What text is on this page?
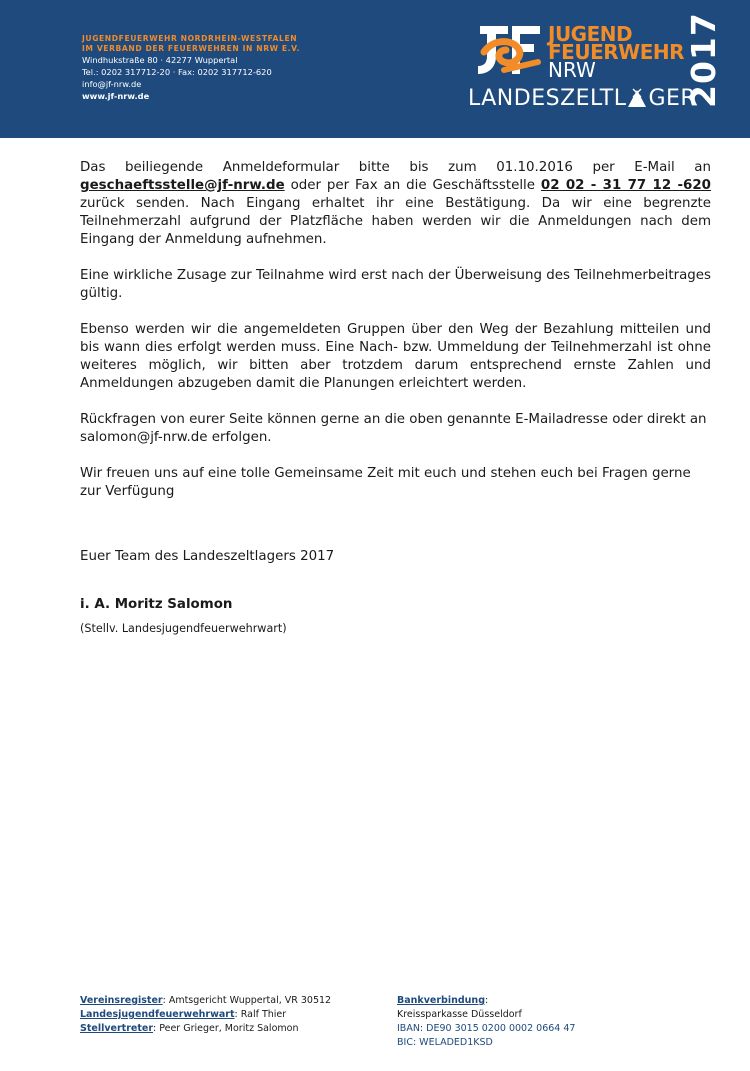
JUGENDFEUERWEHR NORDRHEIN-WESTFALEN
IM VERBAND DER FEUERWEHREN IN NRW E.V.
Windhukstraße 80 · 42277 Wuppertal
Tel.: 0202 317712-20 · Fax: 0202 317712-620
info@jf-nrw.de
www.jf-nrw.de
JUGEND
FEUERWEHR
NRW
LANDESZELTL GER
2017

Das beiliegende Anmeldeformular bitte bis zum 01.10.2016 per E-Mail an geschaeftsstelle@jf-nrw.de oder per Fax an die Geschäftsstelle 02 02 - 31 77 12 -620 zurück senden. Nach Eingang erhaltet ihr eine Bestätigung. Da wir eine begrenzte Teilnehmerzahl aufgrund der Platzfläche haben werden wir die Anmeldungen nach dem Eingang der Anmeldung aufnehmen.

Eine wirkliche Zusage zur Teilnahme wird erst nach der Überweisung des Teilnehmerbeitrages gültig.

Ebenso werden wir die angemeldeten Gruppen über den Weg der Bezahlung mitteilen und bis wann dies erfolgt werden muss. Eine Nach- bzw. Ummeldung der Teilnehmerzahl ist ohne weiteres möglich, wir bitten aber trotzdem darum entsprechend ernste Zahlen und Anmeldungen abzugeben damit die Planungen erleichtert werden.

Rückfragen von eurer Seite können gerne an die oben genannte E-Mailadresse oder direkt an salomon@jf-nrw.de erfolgen.

Wir freuen uns auf eine tolle Gemeinsame Zeit mit euch und stehen euch bei Fragen gerne zur Verfügung

Euer Team des Landeszeltlagers 2017
i. A. Moritz Salomon
(Stellv. Landesjugendfeuerwehrwart)
Vereinsregister: Amtsgericht Wuppertal, VR 30512
Landesjugendfeuerwehrwart: Ralf Thier
Stellvertreter: Peer Grieger, Moritz Salomon
Bankverbindung:
Kreissparkasse Düsseldorf
IBAN: DE90 3015 0200 0002 0664 47
BIC: WELADED1KSD
